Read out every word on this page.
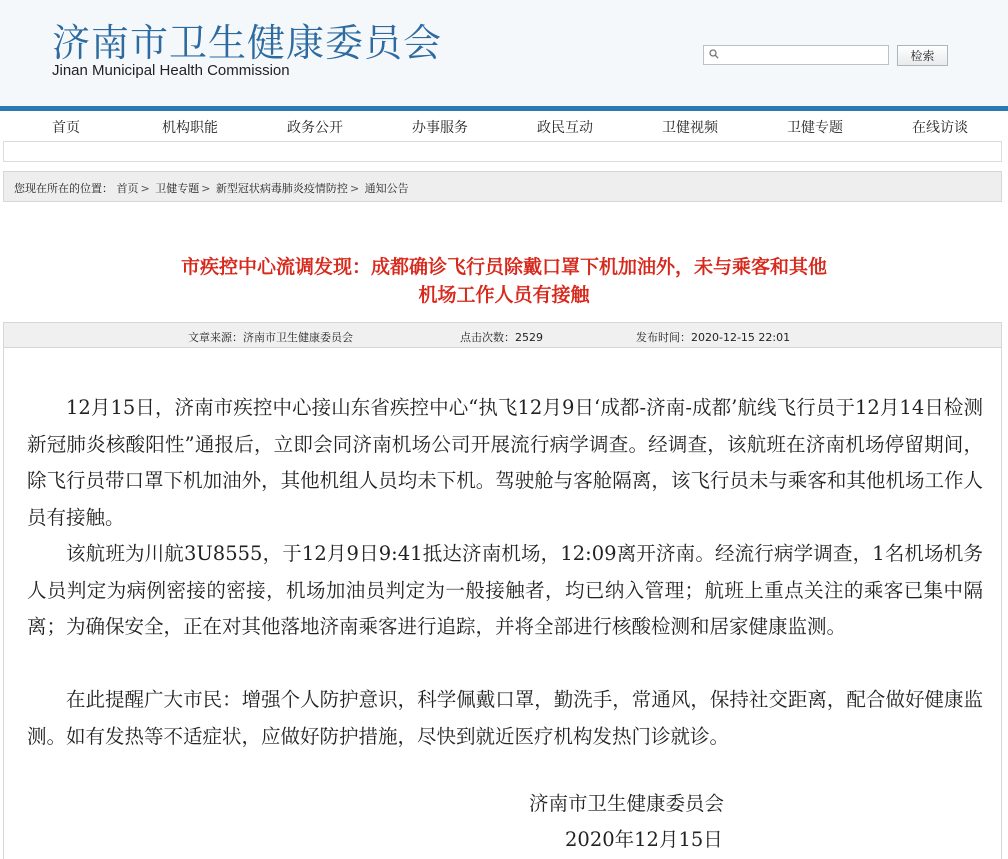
济南市卫生健康委员会
Jinan Municipal Health Commission
检索
首页	机构职能	政务公开	办事服务	政民互动	卫健视频	卫健专题	在线访谈
您现在所在的位置： 首页 > 卫健专题 > 新型冠状病毒肺炎疫情防控 > 通知公告
市疾控中心流调发现：成都确诊飞行员除戴口罩下机加油外，未与乘客和其他
机场工作人员有接触
文章来源：济南市卫生健康委员会	点击次数：2529	发布时间：2020-12-15 22:01

12月15日，济南市疾控中心接山东省疾控中心“执飞12月9日‘成都-济南-成都’航线飞行员于12月14日检测新冠肺炎核酸阳性”通报后，立即会同济南机场公司开展流行病学调查。经调查，该航班在济南机场停留期间，除飞行员带口罩下机加油外，其他机组人员均未下机。驾驶舱与客舱隔离，该飞行员未与乘客和其他机场工作人员有接触。

该航班为川航3U8555，于12月9日9:41抵达济南机场，12:09离开济南。经流行病学调查，1名机场机务人员判定为病例密接的密接，机场加油员判定为一般接触者，均已纳入管理；航班上重点关注的乘客已集中隔离；为确保安全，正在对其他落地济南乘客进行追踪，并将全部进行核酸检测和居家健康监测。

在此提醒广大市民：增强个人防护意识，科学佩戴口罩，勤洗手，常通风，保持社交距离，配合做好健康监测。如有发热等不适症状，应做好防护措施，尽快到就近医疗机构发热门诊就诊。

济南市卫生健康委员会
2020年12月15日
